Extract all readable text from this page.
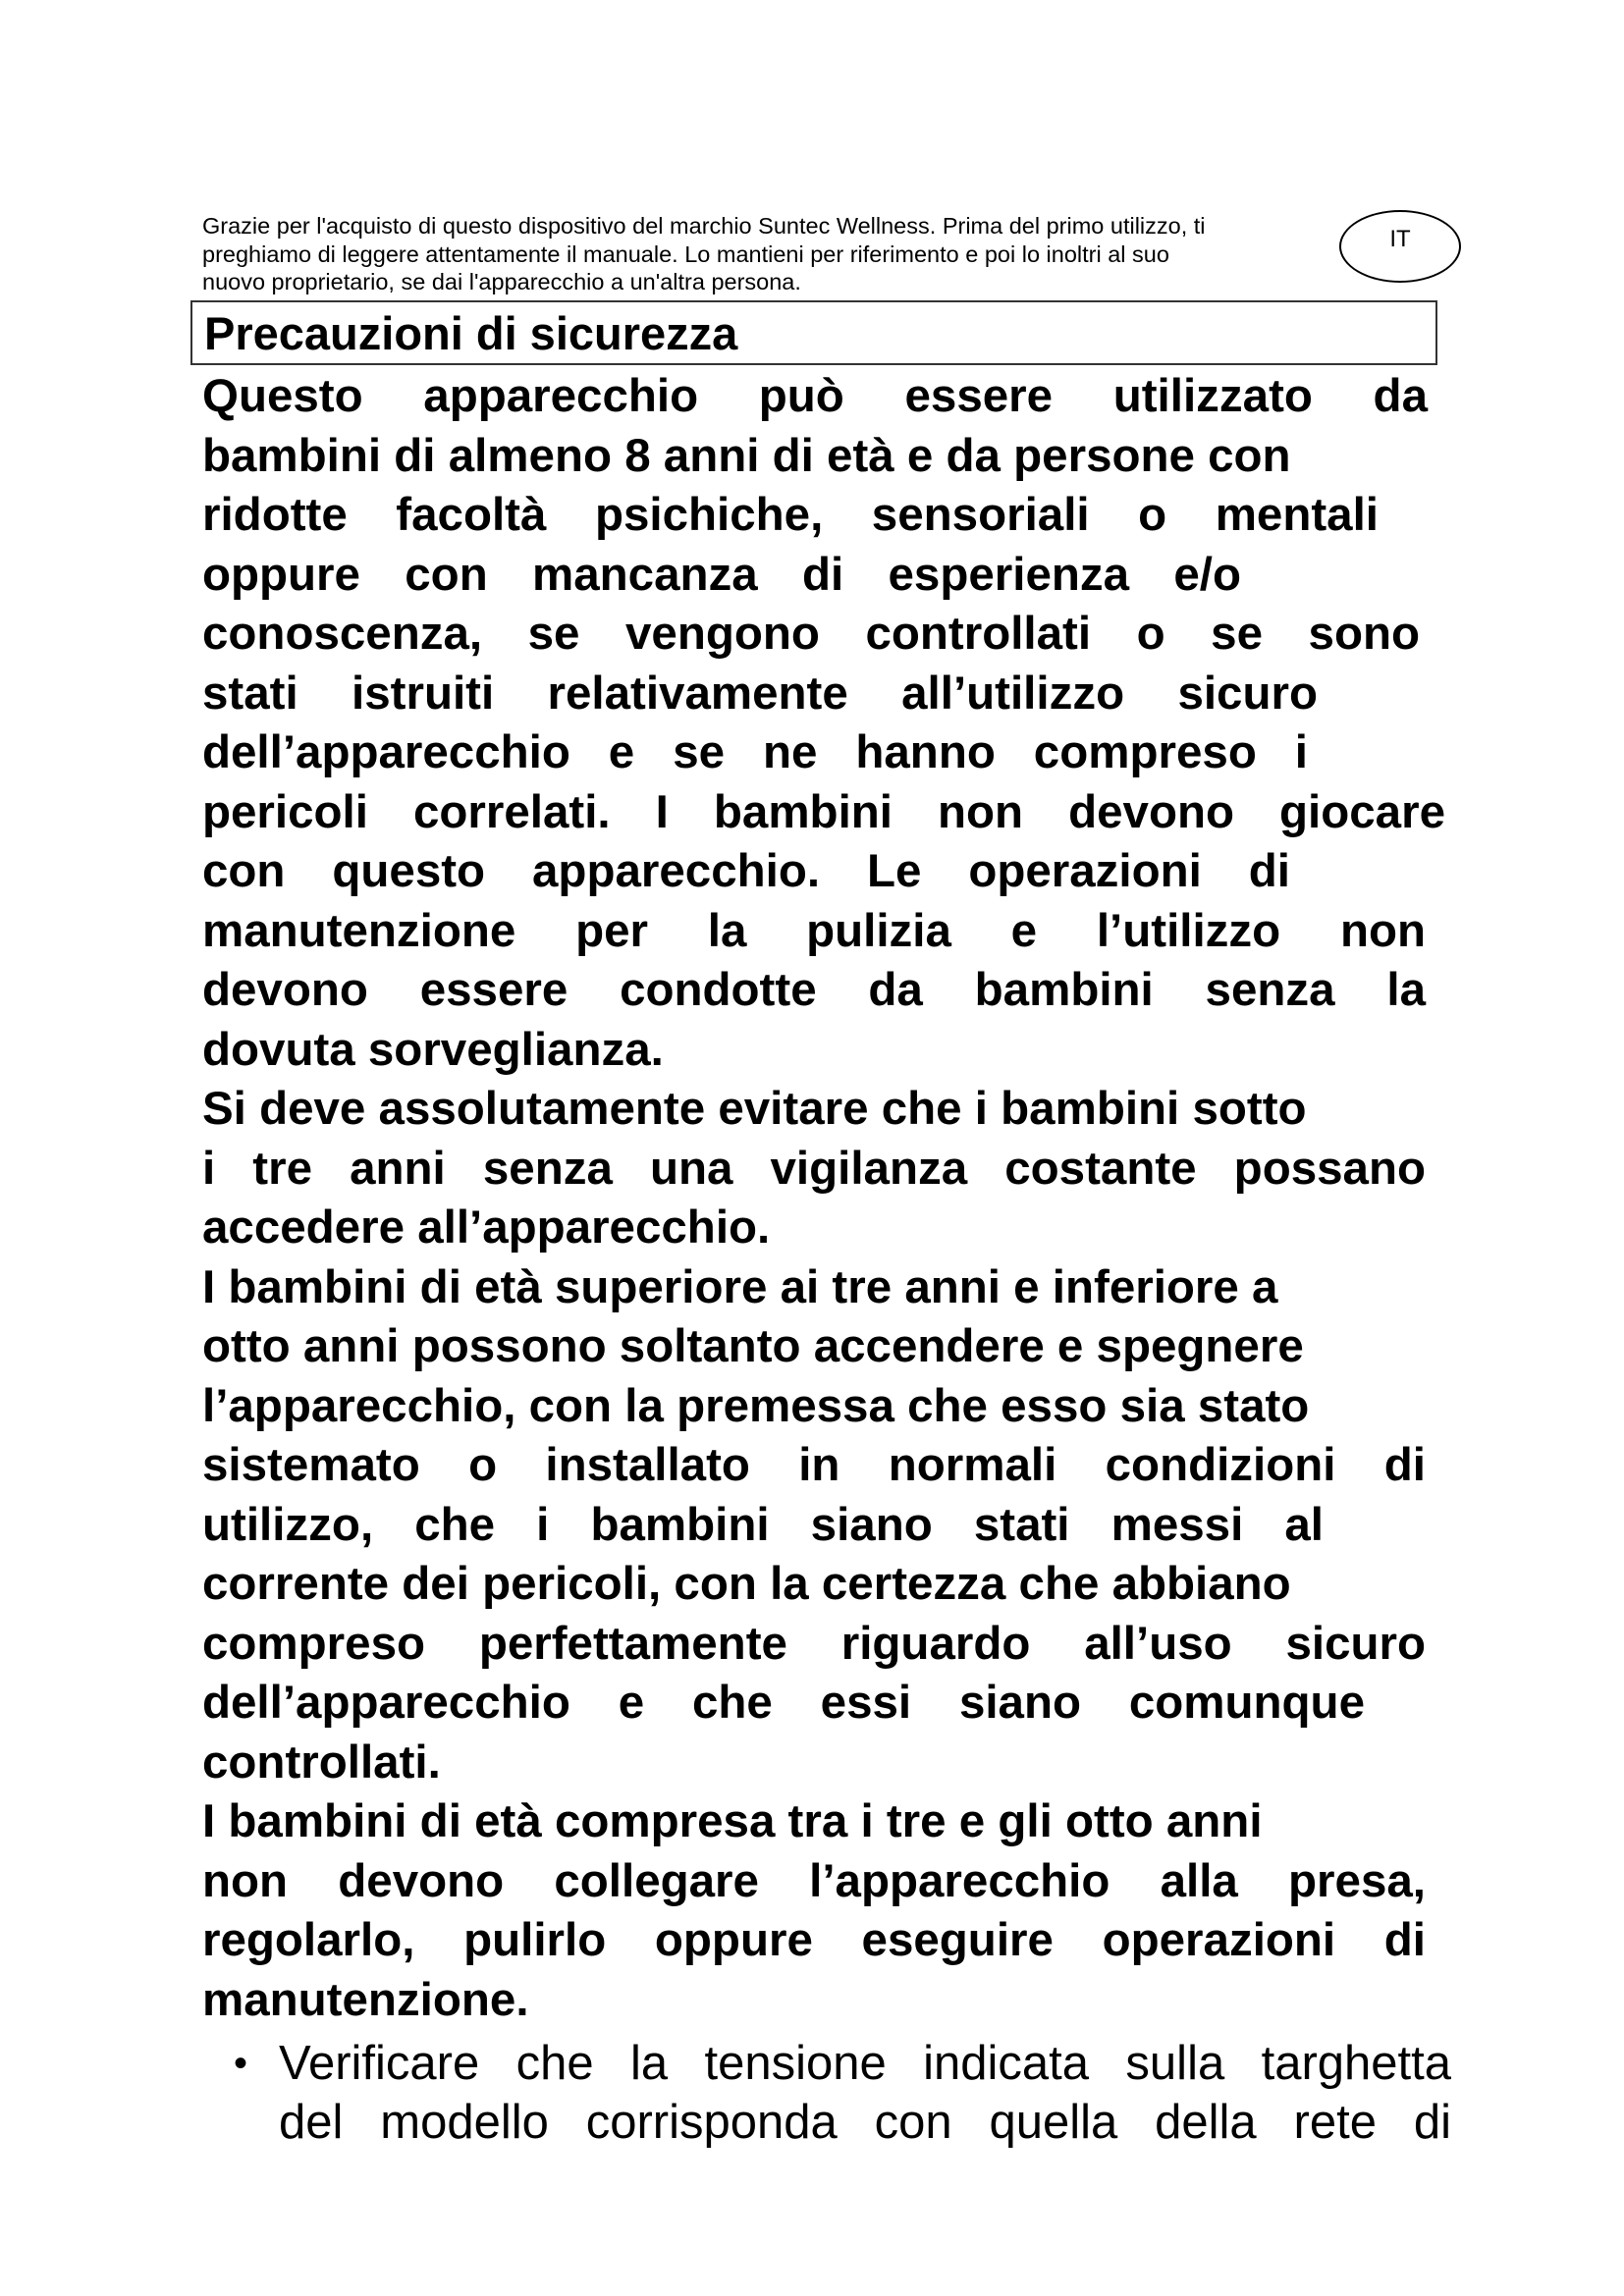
Grazie per l'acquisto di questo dispositivo del marchio Suntec Wellness. Prima del primo utilizzo, ti
preghiamo di leggere attentamente il manuale. Lo mantieni per riferimento e poi lo inoltri al suo
nuovo proprietario, se dai l'apparecchio a un'altra persona.
IT
Precauzioni di sicurezza
Questo apparecchio può essere utilizzato da
bambini di almeno 8 anni di età e da persone con
ridotte facoltà psichiche, sensoriali o mentali
oppure con mancanza di esperienza e/o
conoscenza, se vengono controllati o se sono
stati istruiti relativamente all’utilizzo sicuro
dell’apparecchio e se ne hanno compreso i
pericoli correlati. I bambini non devono giocare
con questo apparecchio. Le operazioni di
manutenzione per la pulizia e l’utilizzo non
devono essere condotte da bambini senza la
dovuta sorveglianza.
Si deve assolutamente evitare che i bambini sotto
i tre anni senza una vigilanza costante possano
accedere all’apparecchio.
I bambini di età superiore ai tre anni e inferiore a
otto anni possono soltanto accendere e spegnere
l’apparecchio, con la premessa che esso sia stato
sistemato o installato in normali condizioni di
utilizzo, che i bambini siano stati messi al
corrente dei pericoli, con la certezza che abbiano
compreso perfettamente riguardo all’uso sicuro
dell’apparecchio e che essi siano comunque
controllati.
I bambini di età compresa tra i tre e gli otto anni
non devono collegare l’apparecchio alla presa,
regolarlo, pulirlo oppure eseguire operazioni di
manutenzione.
• Verificare che la tensione indicata sulla targhetta
del modello corrisponda con quella della rete di
